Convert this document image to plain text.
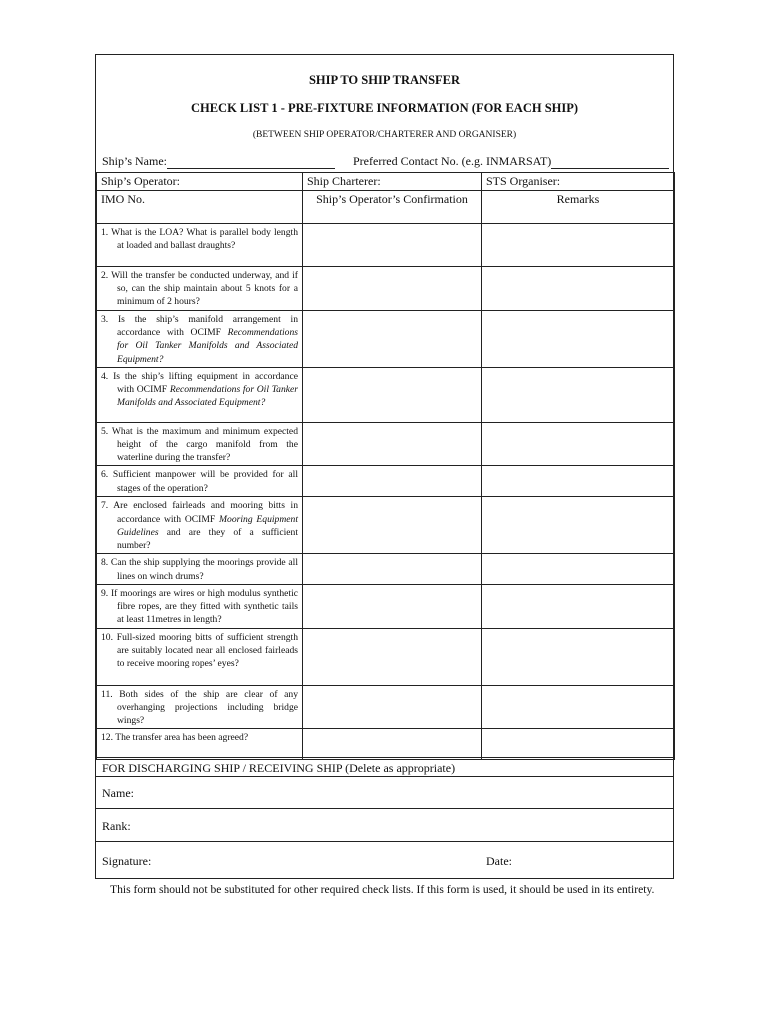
SHIP TO SHIP TRANSFER
CHECK LIST 1 - PRE-FIXTURE INFORMATION (FOR EACH SHIP)
(BETWEEN SHIP OPERATOR/CHARTERER AND ORGANISER)
Ship’s Name:	Preferred Contact No. (e.g. INMARSAT)
Ship’s Operator:	Ship Charterer:	STS Organiser:
IMO No.	Ship’s Operator’s Confirmation	Remarks
1. What is the LOA? What is parallel body length at loaded and ballast draughts?		
2. Will the transfer be conducted underway, and if so, can the ship maintain about 5 knots for a minimum of 2 hours?		
3. Is the ship’s manifold arrangement in accordance with OCIMF Recommendations for Oil Tanker Manifolds and Associated Equipment?		
4. Is the ship’s lifting equipment in accordance with OCIMF Recommendations for Oil Tanker Manifolds and Associated Equipment?		
5. What is the maximum and minimum expected height of the cargo manifold from the waterline during the transfer?		
6. Sufficient manpower will be provided for all stages of the operation?		
7. Are enclosed fairleads and mooring bitts in accordance with OCIMF Mooring Equipment Guidelines and are they of a sufficient number?		
8. Can the ship supplying the moorings provide all lines on winch drums?		
9. If moorings are wires or high modulus synthetic fibre ropes, are they fitted with synthetic tails at least 11metres in length?		
10. Full-sized mooring bitts of sufficient strength are suitably located near all enclosed fairleads to receive mooring ropes’ eyes?		
11. Both sides of the ship are clear of any overhanging projections including bridge wings?		
12. The transfer area has been agreed?		
FOR DISCHARGING SHIP / RECEIVING SHIP (Delete as appropriate)
Name:
Rank:
Signature:	Date:
This form should not be substituted for other required check lists. If this form is used, it should be used in its entirety.
